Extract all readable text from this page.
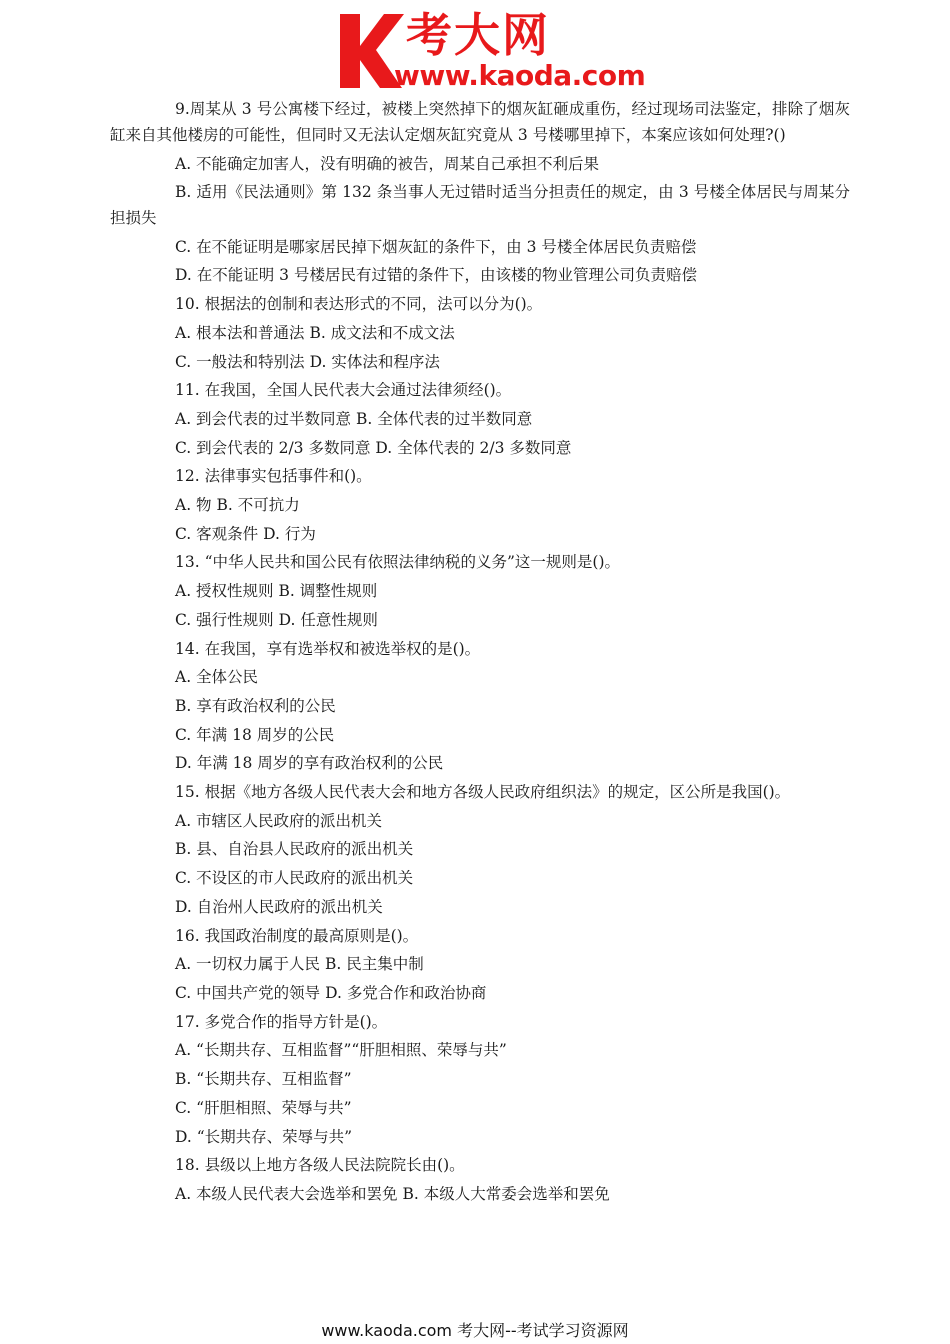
考大网
www.kaoda.com

9.周某从 3 号公寓楼下经过，被楼上突然掉下的烟灰缸砸成重伤，经过现场司法鉴定，排除了烟灰缸来自其他楼房的可能性，但同时又无法认定烟灰缸究竟从 3 号楼哪里掉下，本案应该如何处理?()

A. 不能确定加害人，没有明确的被告，周某自己承担不利后果

B. 适用《民法通则》第 132 条当事人无过错时适当分担责任的规定，由 3 号楼全体居民与周某分担损失

C. 在不能证明是哪家居民掉下烟灰缸的条件下，由 3 号楼全体居民负责赔偿
D. 在不能证明 3 号楼居民有过错的条件下，由该楼的物业管理公司负责赔偿
10. 根据法的创制和表达形式的不同，法可以分为()。
A. 根本法和普通法 B. 成文法和不成文法
C. 一般法和特别法 D. 实体法和程序法
11. 在我国，全国人民代表大会通过法律须经()。
A. 到会代表的过半数同意 B. 全体代表的过半数同意
C. 到会代表的 2/3 多数同意 D. 全体代表的 2/3 多数同意
12. 法律事实包括事件和()。
A. 物 B. 不可抗力
C. 客观条件 D. 行为
13. “中华人民共和国公民有依照法律纳税的义务”这一规则是()。
A. 授权性规则 B. 调整性规则
C. 强行性规则 D. 任意性规则
14. 在我国，享有选举权和被选举权的是()。
A. 全体公民
B. 享有政治权利的公民
C. 年满 18 周岁的公民
D. 年满 18 周岁的享有政治权利的公民
15. 根据《地方各级人民代表大会和地方各级人民政府组织法》的规定，区公所是我国()。
A. 市辖区人民政府的派出机关
B. 县、自治县人民政府的派出机关
C. 不设区的市人民政府的派出机关
D. 自治州人民政府的派出机关
16. 我国政治制度的最高原则是()。
A. 一切权力属于人民 B. 民主集中制
C. 中国共产党的领导 D. 多党合作和政治协商
17. 多党合作的指导方针是()。
A. “长期共存、互相监督”“肝胆相照、荣辱与共”
B. “长期共存、互相监督”
C. “肝胆相照、荣辱与共”
D. “长期共存、荣辱与共”
18. 县级以上地方各级人民法院院长由()。
A. 本级人民代表大会选举和罢免 B. 本级人大常委会选举和罢免
www.kaoda.com 考大网--考试学习资源网
